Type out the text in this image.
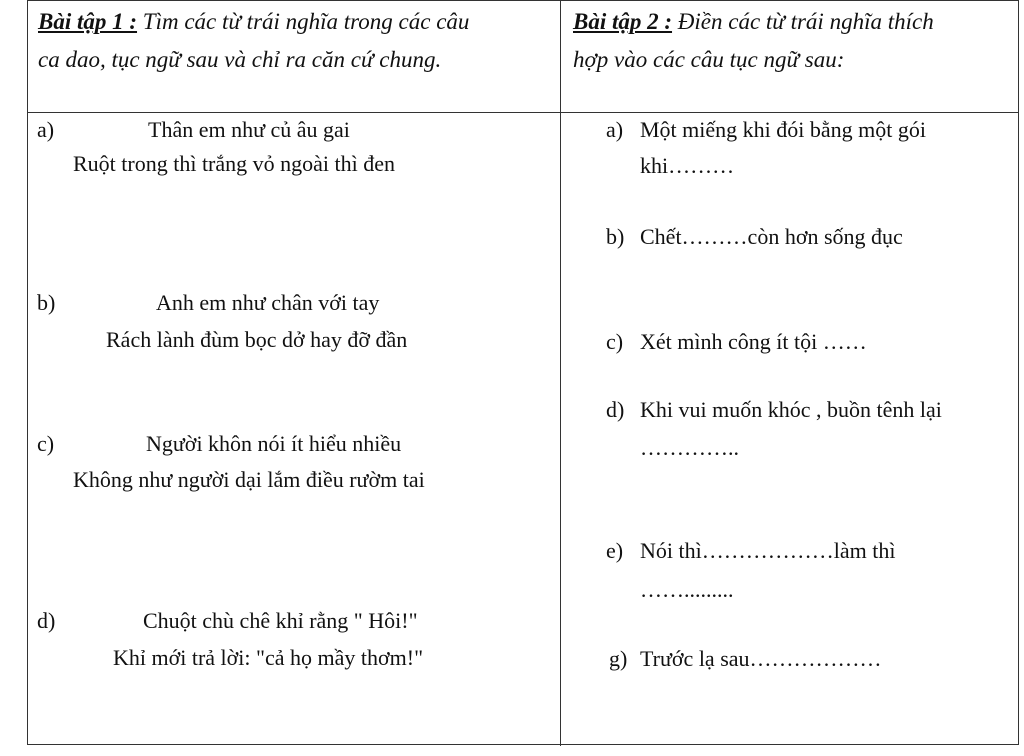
Bài tập 1 : Tìm các từ trái nghĩa trong các câu
ca dao, tục ngữ sau và chỉ ra căn cứ chung.
Bài tập 2 : Điền các từ trái nghĩa thích
hợp vào các câu tục ngữ sau:
a)	Thân em như củ âu gai
Ruột trong thì trắng vỏ ngoài thì đen
b)	Anh em như chân với tay
Rách lành đùm bọc dở hay đỡ đần
c)	Người khôn nói ít hiểu nhiều
Không như người dại lắm điều rườm tai
d)	Chuột chù chê khỉ rằng " Hôi!"
Khỉ mới trả lời: "cả họ mầy thơm!"
a) Một miếng khi đói bằng một gói
khi………
b) Chết………còn hơn sống đục
c) Xét mình công ít tội ……
d) Khi vui muốn khóc , buồn tênh lại
…………..
e) Nói thì………………làm thì
…….........
g) Trước lạ sau………………
